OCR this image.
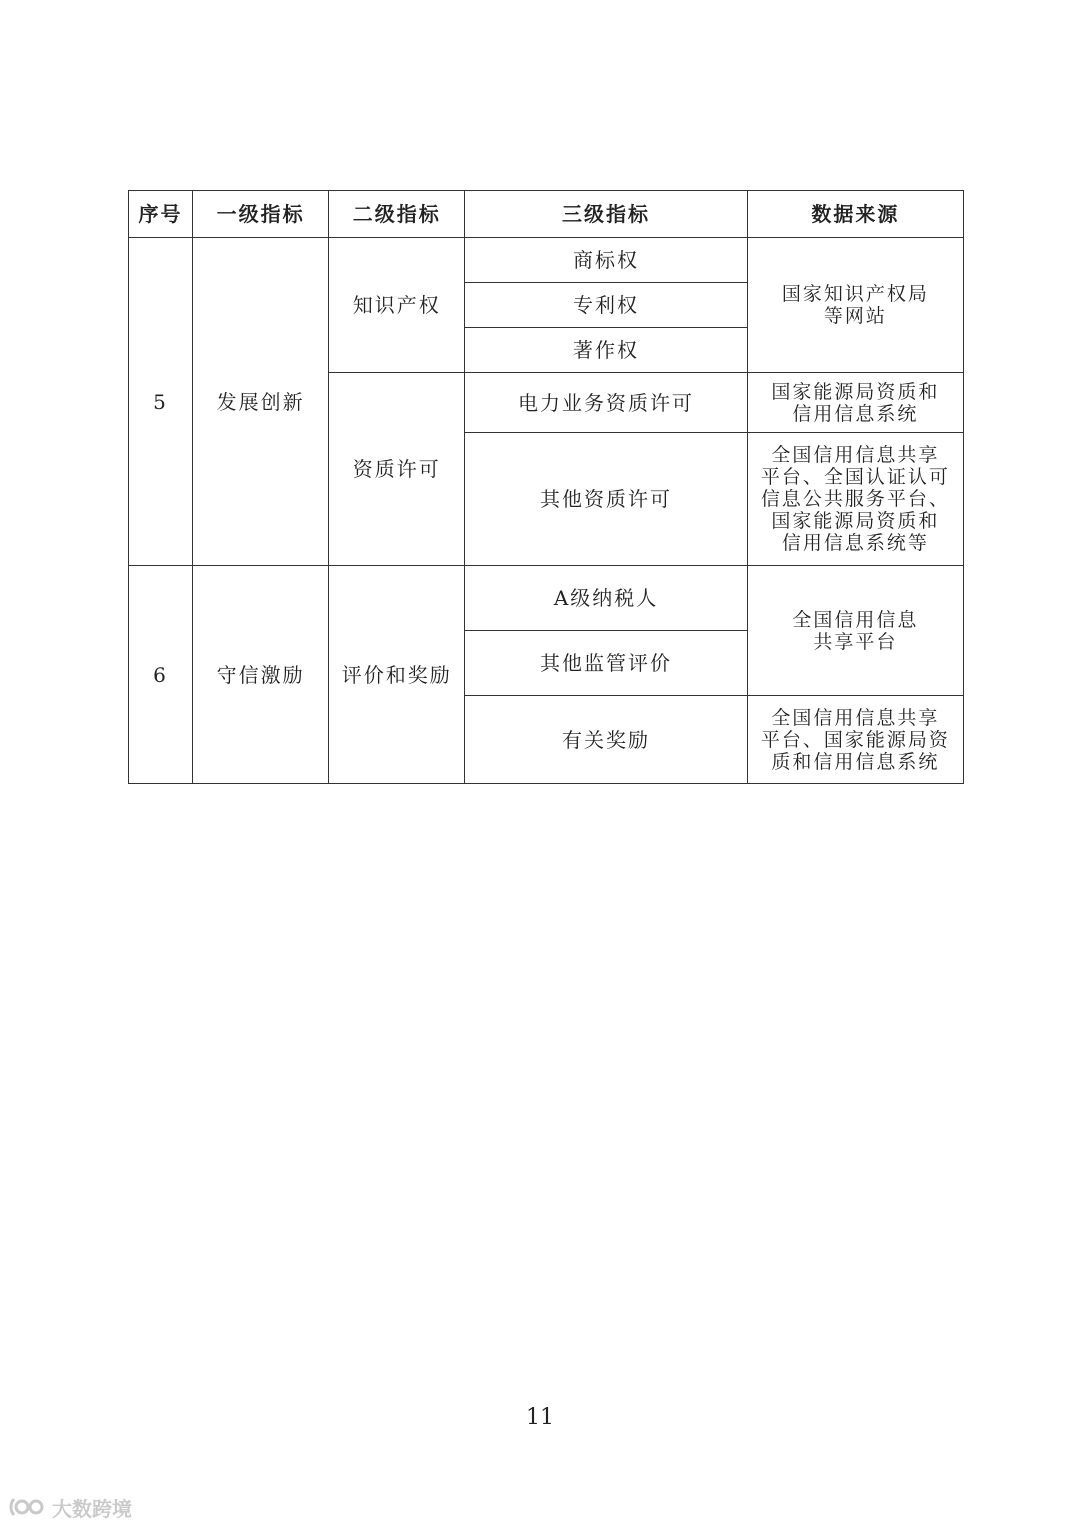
序号	一级指标	二级指标	三级指标	数据来源
5	发展创新	知识产权	商标权	国家知识产权局
等网站
			专利权	
			著作权	
		资质许可	电力业务资质许可	国家能源局资质和
信用信息系统
			其他资质许可	全国信用信息共享
平台、全国认证认可
信息公共服务平台、
国家能源局资质和
信用信息系统等
6	守信激励	评价和奖励	A级纳税人	全国信用信息
共享平台
			其他监管评价	
			有关奖励	全国信用信息共享
平台、国家能源局资
质和信用信息系统
11
大数跨境
